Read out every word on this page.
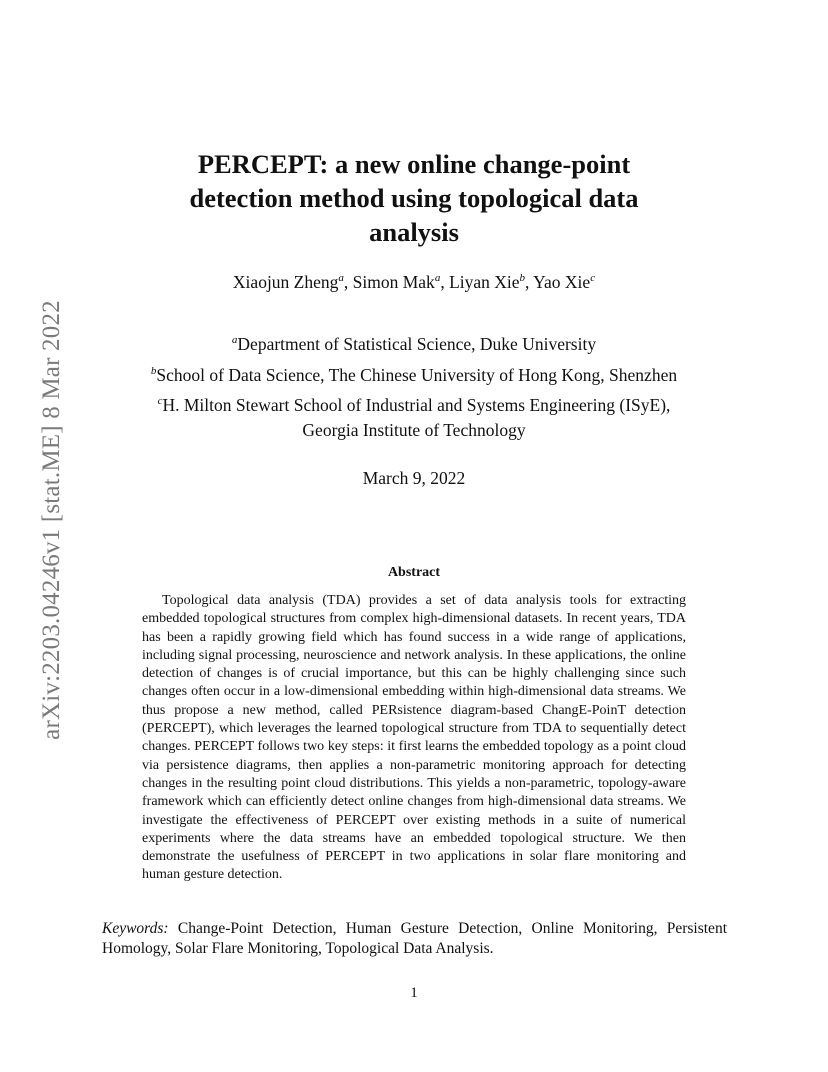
arXiv:2203.04246v1 [stat.ME] 8 Mar 2022
PERCEPT: a new online change-point
detection method using topological data
analysis
Xiaojun Zheng$^a$, Simon Mak$^a$, Liyan Xie$^b$, Yao Xie$^c$
$^a$Department of Statistical Science, Duke University
$^b$School of Data Science, The Chinese University of Hong Kong, Shenzhen
$^c$H. Milton Stewart School of Industrial and Systems Engineering (ISyE),
Georgia Institute of Technology
March 9, 2022
Abstract
Topological data analysis (TDA) provides a set of data analysis tools for extracting embedded topological structures from complex high-dimensional datasets. In recent years, TDA has been a rapidly growing field which has found success in a wide range of applications, including signal processing, neuroscience and network analysis. In these applications, the online detection of changes is of crucial importance, but this can be highly challenging since such changes often occur in a low-dimensional embedding within high-dimensional data streams. We thus propose a new method, called PERsistence diagram-based ChangE-PoinT detection (PERCEPT), which leverages the learned topological structure from TDA to sequentially detect changes. PERCEPT follows two key steps: it first learns the embedded topology as a point cloud via persistence diagrams, then applies a non-parametric monitoring approach for detecting changes in the resulting point cloud distributions. This yields a non-parametric, topology-aware framework which can efficiently detect online changes from high-dimensional data streams. We investigate the effectiveness of PERCEPT over existing methods in a suite of numerical experiments where the data streams have an embedded topological structure. We then demonstrate the usefulness of PERCEPT in two applications in solar flare monitoring and human gesture detection.
Keywords: Change-Point Detection, Human Gesture Detection, Online Monitoring, Persistent Homology, Solar Flare Monitoring, Topological Data Analysis.
1
